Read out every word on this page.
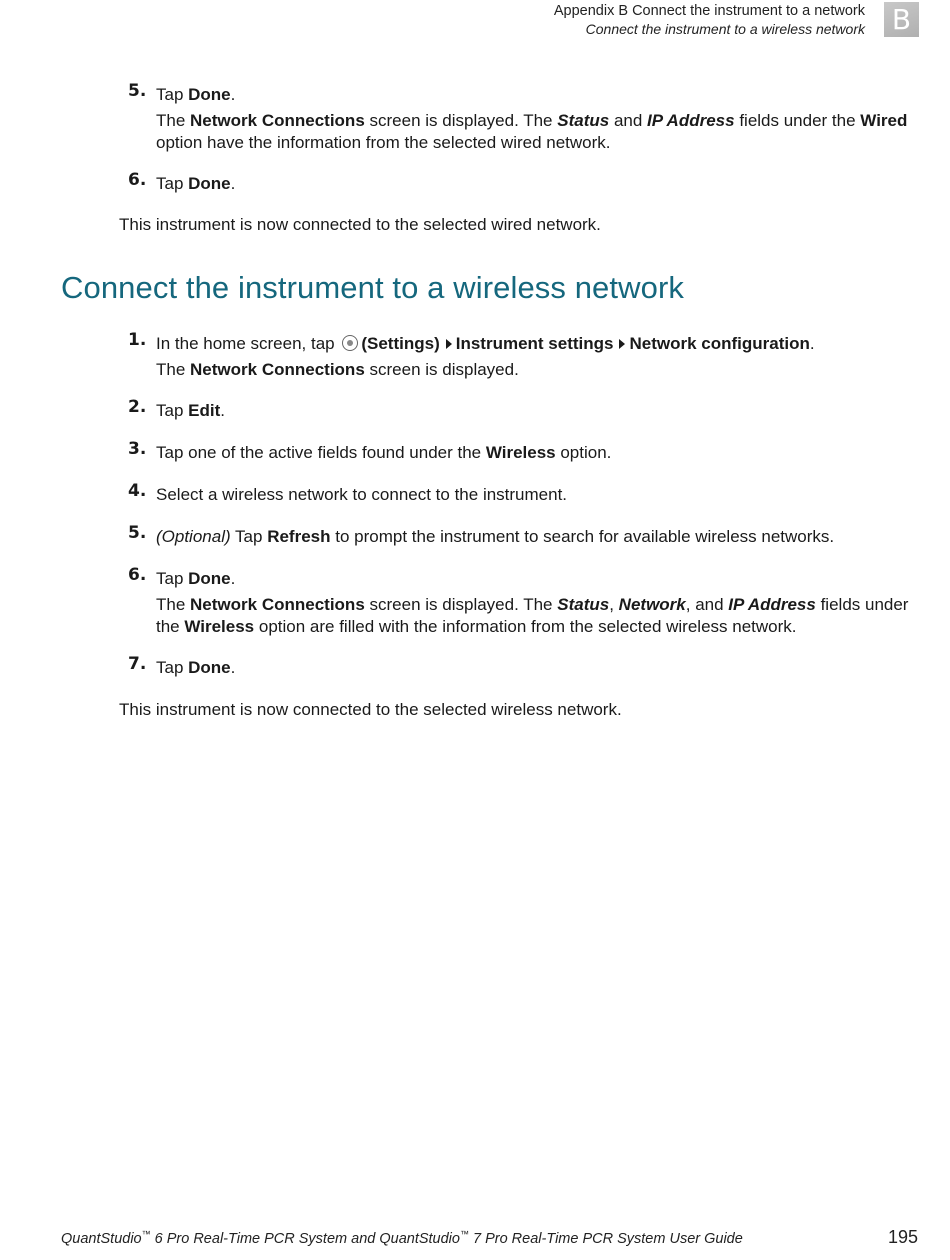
Appendix B Connect the instrument to a network
Connect the instrument to a wireless network B
5. Tap Done.
The Network Connections screen is displayed. The Status and IP Address fields under the Wired option have the information from the selected wired network.
6. Tap Done.
This instrument is now connected to the selected wired network.
Connect the instrument to a wireless network
1. In the home screen, tap (Settings) Instrument settings Network configuration.
The Network Connections screen is displayed.
2. Tap Edit.
3. Tap one of the active fields found under the Wireless option.
4. Select a wireless network to connect to the instrument.
5. (Optional) Tap Refresh to prompt the instrument to search for available wireless networks.
6. Tap Done.
The Network Connections screen is displayed. The Status, Network, and IP Address fields under the Wireless option are filled with the information from the selected wireless network.
7. Tap Done.
This instrument is now connected to the selected wireless network.
QuantStudio™ 6 Pro Real-Time PCR System and QuantStudio™ 7 Pro Real-Time PCR System User Guide	195
